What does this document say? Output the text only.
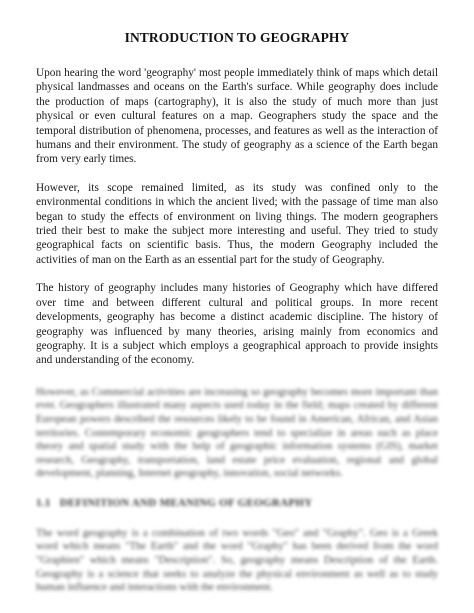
INTRODUCTION TO GEOGRAPHY

Upon hearing the word 'geography' most people immediately think of maps which detail physical landmasses and oceans on the Earth's surface. While geography does include the production of maps (cartography), it is also the study of much more than just physical or even cultural features on a map. Geographers study the space and the temporal distribution of phenomena, processes, and features as well as the interaction of humans and their environment. The study of geography as a science of the Earth began from very early times.

However, its scope remained limited, as its study was confined only to the environmental conditions in which the ancient lived; with the passage of time man also began to study the effects of environment on living things. The modern geographers tried their best to make the subject more interesting and useful. They tried to study geographical facts on scientific basis. Thus, the modern Geography included the activities of man on the Earth as an essential part for the study of Geography.

The history of geography includes many histories of Geography which have differed over time and between different cultural and political groups. In more recent developments, geography has become a distinct academic discipline. The history of geography was influenced by many theories, arising mainly from economics and geography. It is a subject which employs a geographical approach to provide insights and understanding of the economy.

However, as Commercial activities are increasing so geography becomes more important than ever. Geographers illustrated many aspects used today in the field; maps created by different European powers described the resources likely to be found in American, African, and Asian territories. Contemporary economic geographers tend to specialize in areas such as place theory and spatial study with the help of geographic information systems (GIS), market research, Geography, transportation, land estate price evaluation, regional and global development, planning, Internet geography, innovation, social networks.

1.1 DEFINITION AND MEANING OF GEOGRAPHY

The word geography is a combination of two words "Geo" and "Graphy". Geo is a Greek word which means "The Earth" and the word "Graphy" has been derived from the word "Graphien" which means "Description". So, geography means Description of the Earth. Geography is a science that seeks to analyze the physical environment as well as to study human influence and interactions with the environment.
